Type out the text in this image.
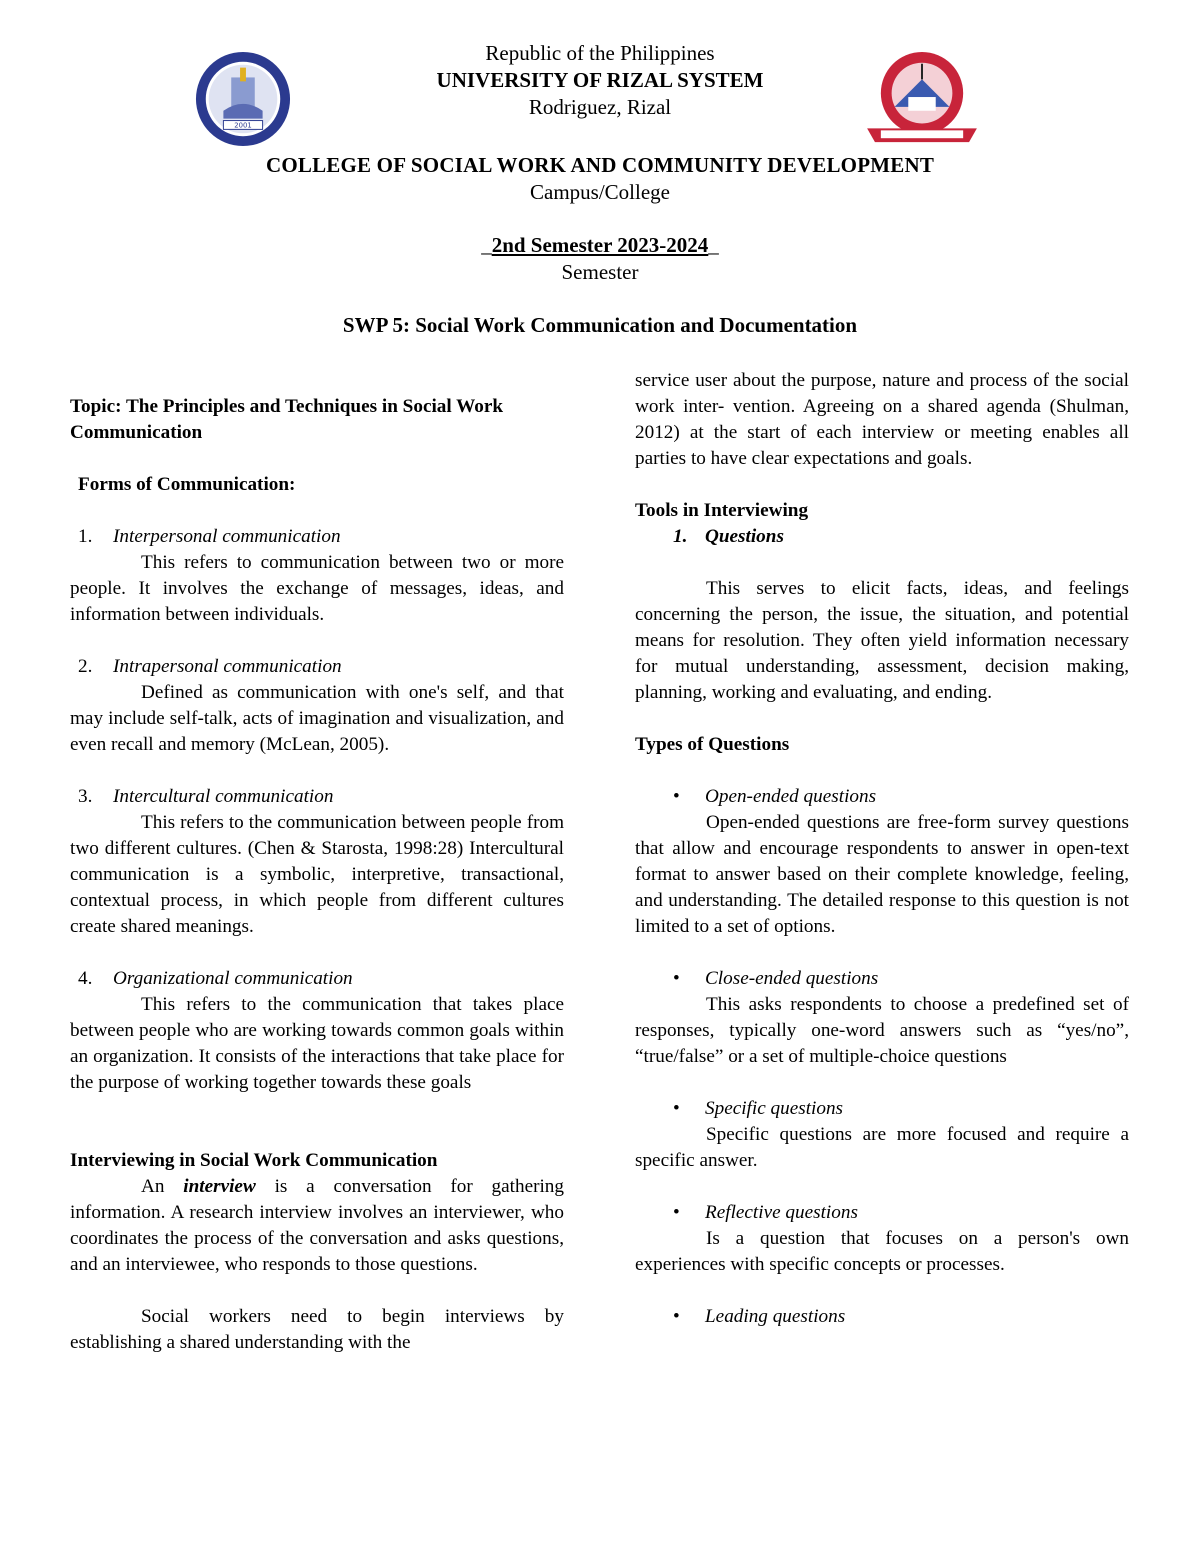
2001
Republic of the Philippines
UNIVERSITY OF RIZAL SYSTEM
Rodriguez, Rizal
COLLEGE OF SOCIAL WORK AND COMMUNITY DEVELOPMENT
Campus/College
_2nd Semester 2023-2024_
Semester
SWP 5: Social Work Communication and Documentation

Topic: The Principles and Techniques in Social Work Communication

Forms of Communication:

1.	Interpersonal communication

This refers to communication between two or more people. It involves the exchange of messages, ideas, and information between individuals.

2.	Intrapersonal communication

Defined as communication with one's self, and that may include self-talk, acts of imagination and visualization, and even recall and memory (McLean, 2005).

3.	Intercultural communication

This refers to the communication between people from two different cultures. (Chen & Starosta, 1998:28) Intercultural communication is a symbolic, interpretive, transactional, contextual process, in which people from different cultures create shared meanings.

4.	Organizational communication

This refers to the communication that takes place between people who are working towards common goals within an organization. It consists of the interactions that take place for the purpose of working together towards these goals

Interviewing in Social Work Communication

An interview is a conversation for gathering information. A research interview involves an interviewer, who coordinates the process of the conversation and asks questions, and an interviewee, who responds to those questions.

Social workers need to begin interviews by establishing a shared understanding with the

service user about the purpose, nature and process of the social work inter- vention. Agreeing on a shared agenda (Shulman, 2012) at the start of each interview or meeting enables all parties to have clear expectations and goals.

Tools in Interviewing

1. Questions

This serves to elicit facts, ideas, and feelings concerning the person, the issue, the situation, and potential means for resolution. They often yield information necessary for mutual understanding, assessment, decision making, planning, working and evaluating, and ending.

Types of Questions

•	Open-ended questions

Open-ended questions are free-form survey questions that allow and encourage respondents to answer in open-text format to answer based on their complete knowledge, feeling, and understanding. The detailed response to this question is not limited to a set of options.

•	Close-ended questions

This asks respondents to choose a predefined set of responses, typically one-word answers such as “yes/no”, “true/false” or a set of multiple-choice questions

•	Specific questions

Specific questions are more focused and require a specific answer.

•	Reflective questions

Is a question that focuses on a person's own experiences with specific concepts or processes.

•	Leading questions
